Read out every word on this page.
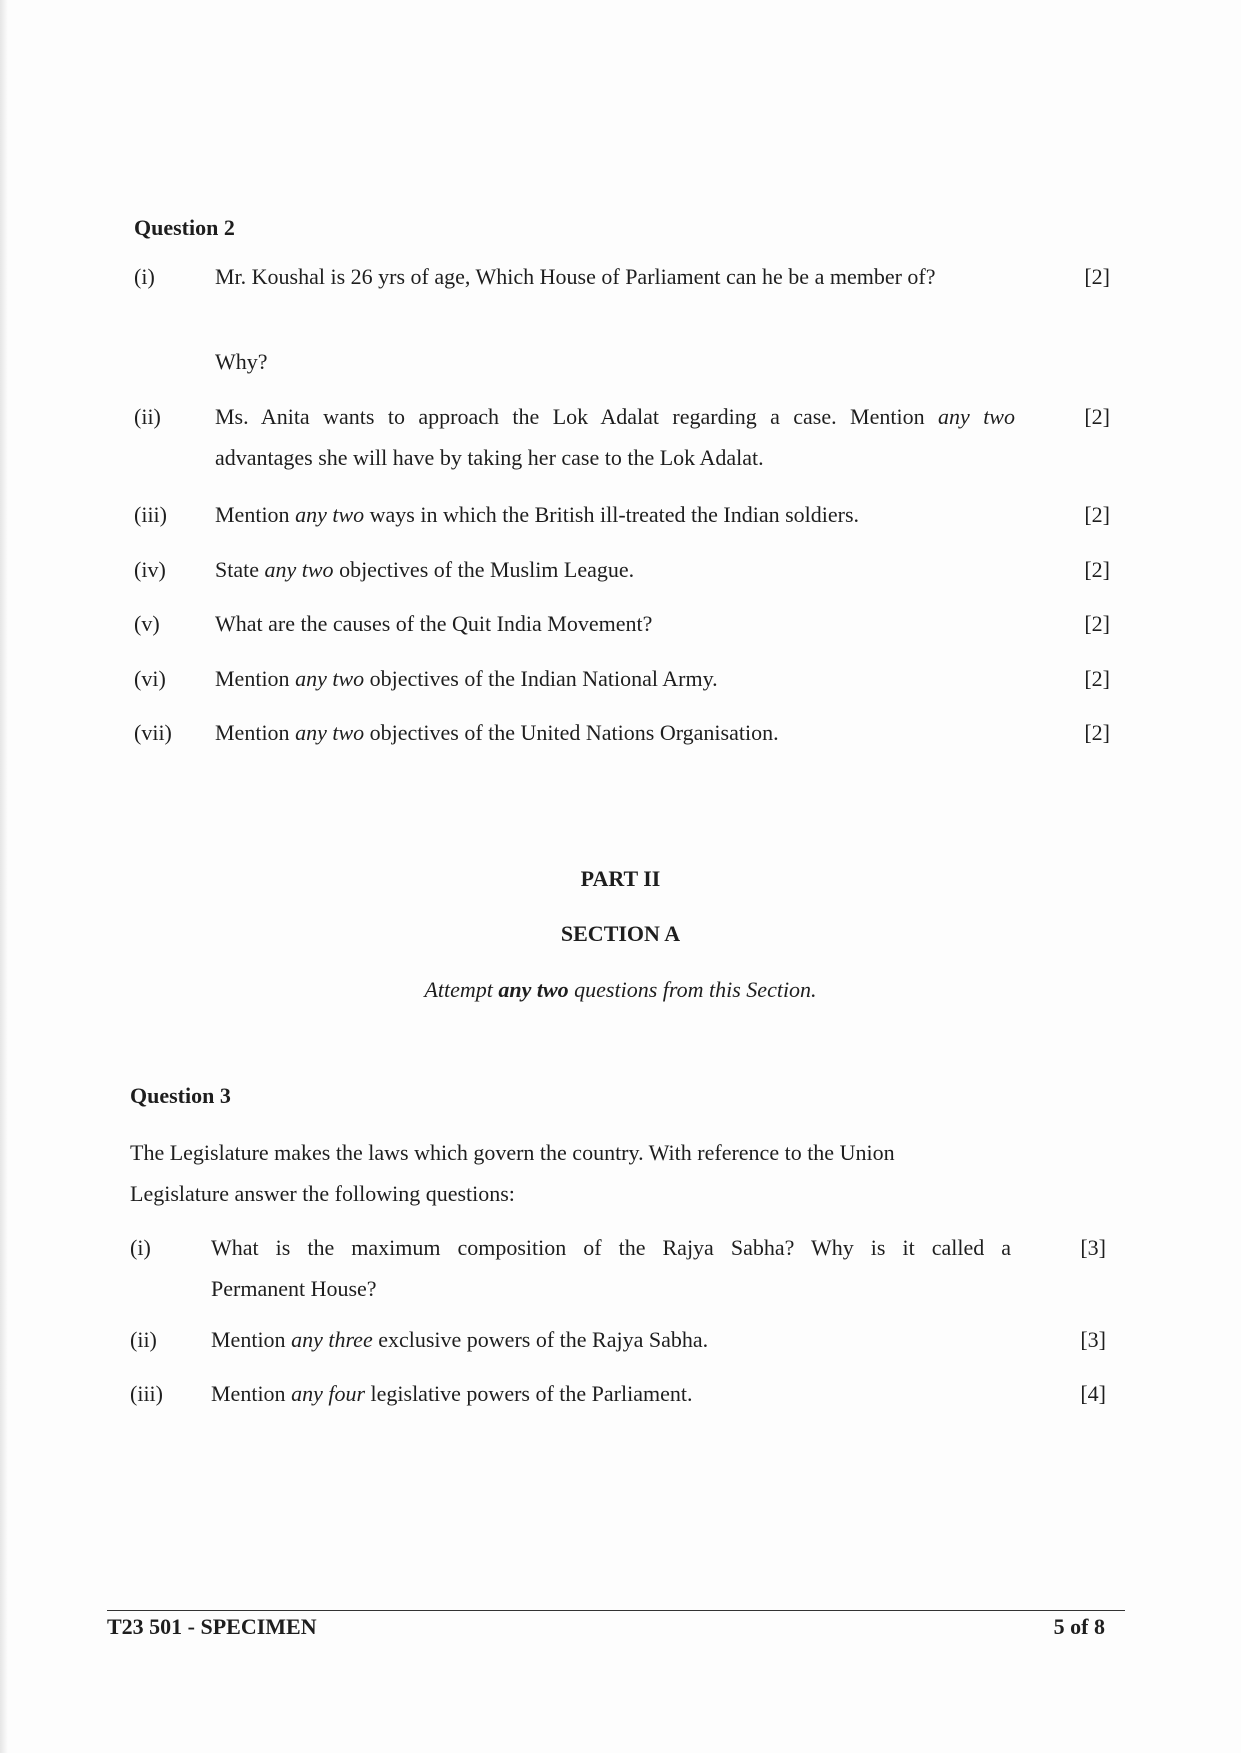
Question 2
(i)	Mr. Koushal is 26 yrs of age, Which House of Parliament can he be a member of?	[2]
Why?
(ii) Ms. Anita wants to approach the Lok Adalat regarding a case. Mention any two	[2]
advantages she will have by taking her case to the Lok Adalat.
(iii) Mention any two ways in which the British ill-treated the Indian soldiers.	[2]
(iv) State any two objectives of the Muslim League.	[2]
(v)	What are the causes of the Quit India Movement?	[2]
(vi) Mention any two objectives of the Indian National Army.	[2]
(vii) Mention any two objectives of the United Nations Organisation.	[2]
PART II
SECTION A
Attempt any two questions from this Section.
Question 3
The Legislature makes the laws which govern the country. With reference to the Union
Legislature answer the following questions:
(i)	What is the maximum composition of the Rajya Sabha? Why is it called a	[3]
Permanent House?
(ii) Mention any three exclusive powers of the Rajya Sabha.	[3]
(iii) Mention any four legislative powers of the Parliament.	[4]
T23 501 - SPECIMEN	5 of 8
